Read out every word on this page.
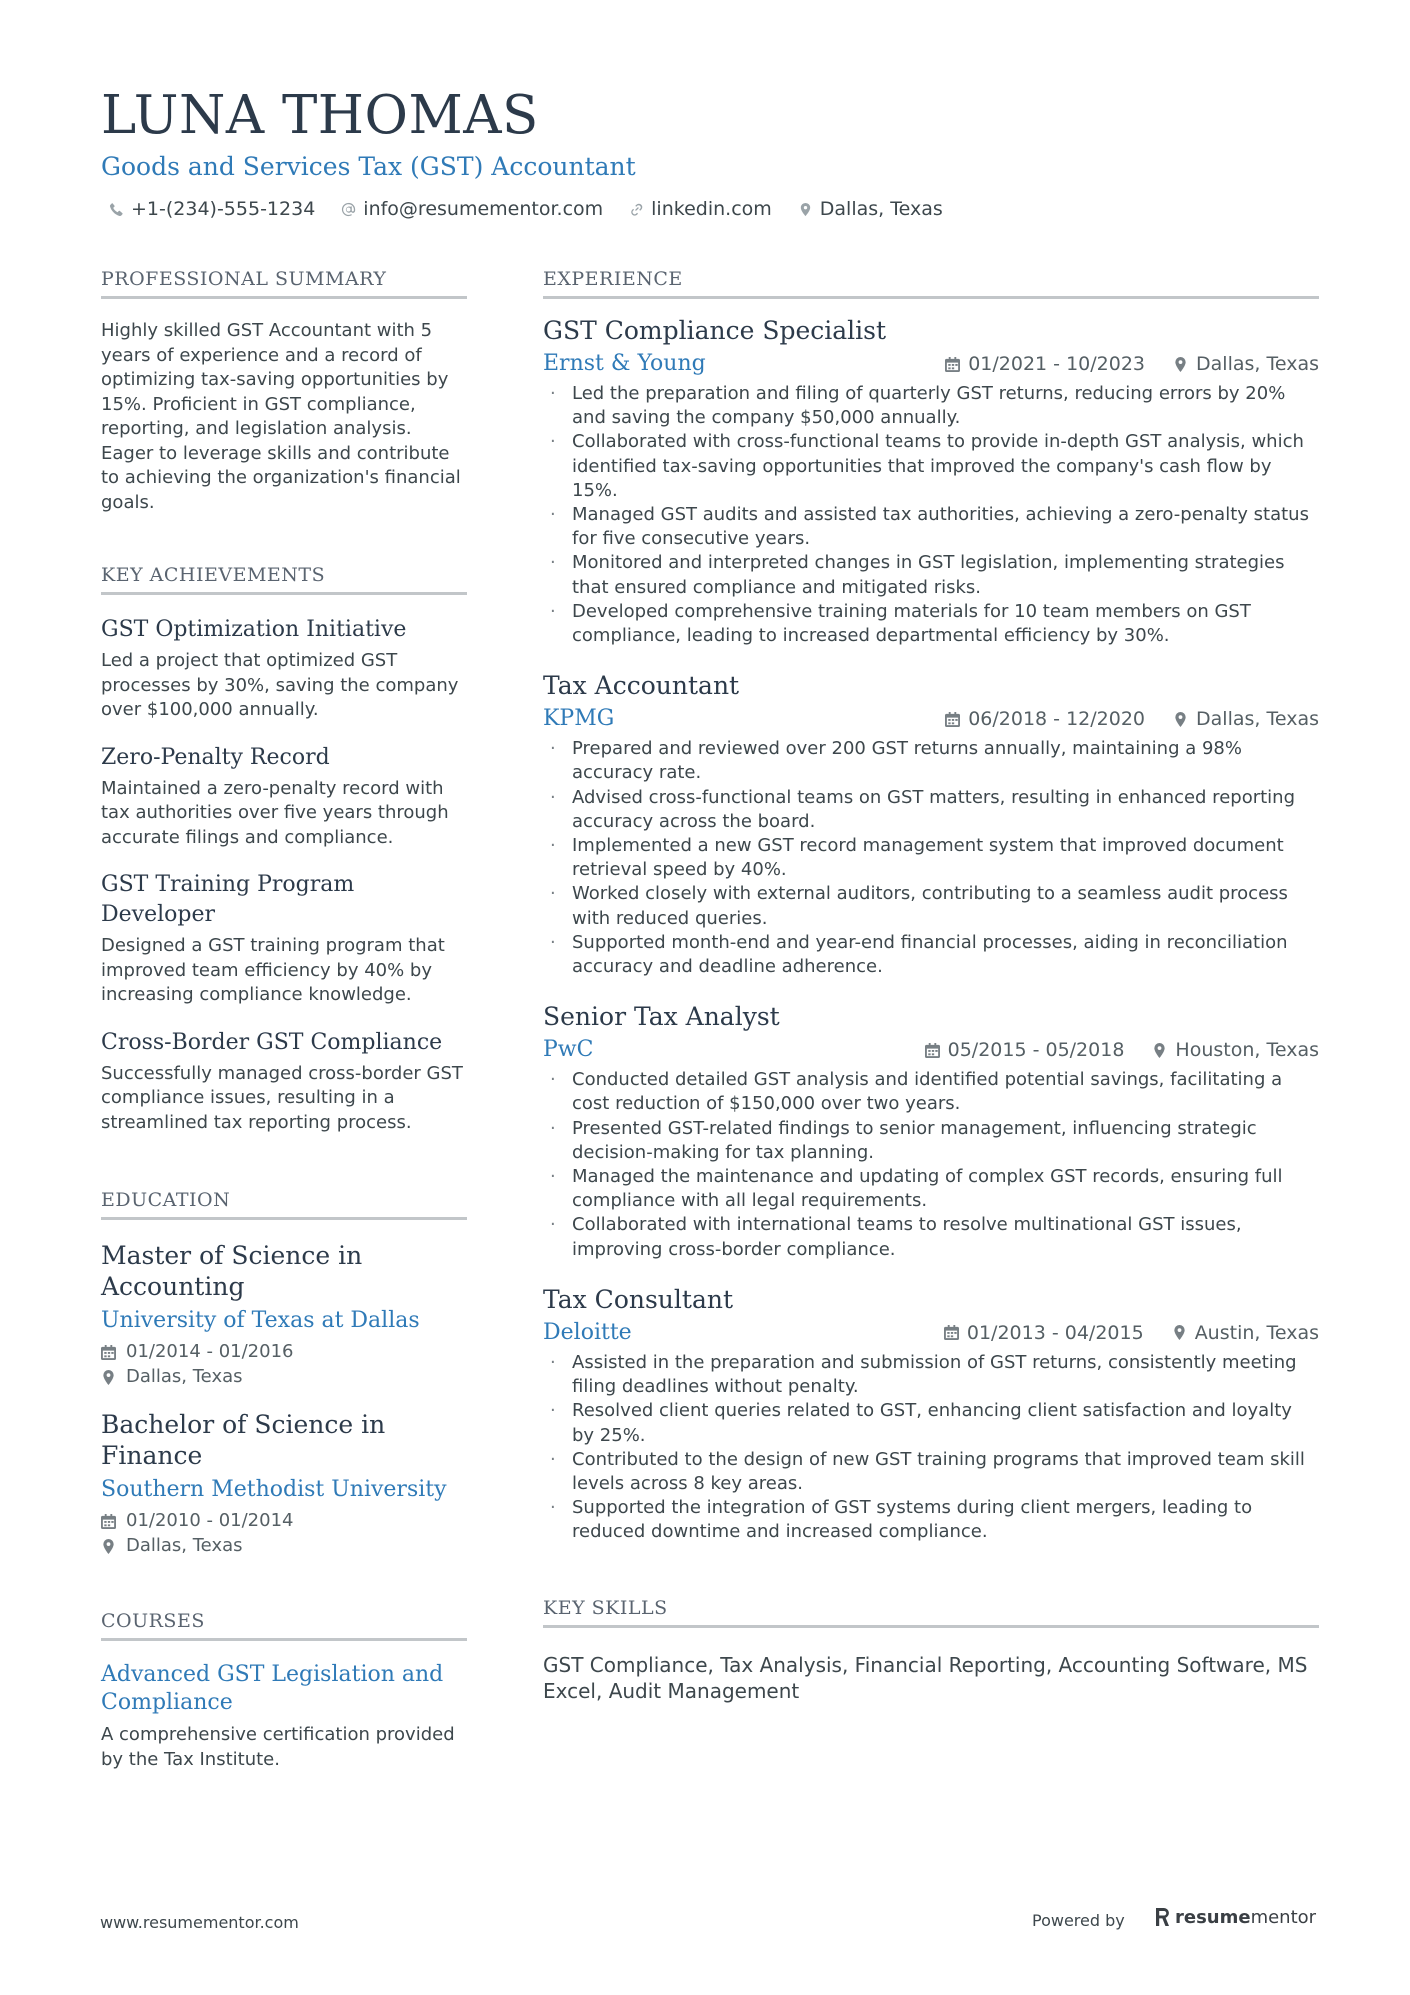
LUNA THOMAS
Goods and Services Tax (GST) Accountant
+1-(234)-555-1234	info@resumementor.com	linkedin.com	Dallas, Texas
PROFESSIONAL SUMMARY

Highly skilled GST Accountant with 5 years of experience and a record of optimizing tax-saving opportunities by 15%. Proficient in GST compliance, reporting, and legislation analysis. Eager to leverage skills and contribute to achieving the organization's financial goals.

KEY ACHIEVEMENTS
GST Optimization Initiative

Led a project that optimized GST processes by 30%, saving the company over $100,000 annually.

Zero-Penalty Record

Maintained a zero-penalty record with tax authorities over five years through accurate filings and compliance.

GST Training Program Developer

Designed a GST training program that improved team efficiency by 40% by increasing compliance knowledge.

Cross-Border GST Compliance

Successfully managed cross-border GST compliance issues, resulting in a streamlined tax reporting process.

EDUCATION
Master of Science in Accounting
University of Texas at Dallas
01/2014 - 01/2016
Dallas, Texas
Bachelor of Science in Finance
Southern Methodist University
01/2010 - 01/2014
Dallas, Texas
COURSES
Advanced GST Legislation and Compliance

A comprehensive certification provided by the Tax Institute.

EXPERIENCE
GST Compliance Specialist
Ernst & Young	01/2021 - 10/2023	Dallas, Texas
· Led the preparation and filing of quarterly GST returns, reducing errors by 20% and saving the company $50,000 annually.
· Collaborated with cross-functional teams to provide in-depth GST analysis, which identified tax-saving opportunities that improved the company's cash flow by 15%.
· Managed GST audits and assisted tax authorities, achieving a zero-penalty status for five consecutive years.
· Monitored and interpreted changes in GST legislation, implementing strategies that ensured compliance and mitigated risks.
· Developed comprehensive training materials for 10 team members on GST compliance, leading to increased departmental efficiency by 30%.
Tax Accountant
KPMG	06/2018 - 12/2020	Dallas, Texas
· Prepared and reviewed over 200 GST returns annually, maintaining a 98% accuracy rate.
· Advised cross-functional teams on GST matters, resulting in enhanced reporting accuracy across the board.
· Implemented a new GST record management system that improved document retrieval speed by 40%.
· Worked closely with external auditors, contributing to a seamless audit process with reduced queries.
· Supported month-end and year-end financial processes, aiding in reconciliation accuracy and deadline adherence.
Senior Tax Analyst
PwC	05/2015 - 05/2018	Houston, Texas
· Conducted detailed GST analysis and identified potential savings, facilitating a cost reduction of $150,000 over two years.
· Presented GST-related findings to senior management, influencing strategic decision-making for tax planning.
· Managed the maintenance and updating of complex GST records, ensuring full compliance with all legal requirements.
· Collaborated with international teams to resolve multinational GST issues, improving cross-border compliance.
Tax Consultant
Deloitte	01/2013 - 04/2015	Austin, Texas
· Assisted in the preparation and submission of GST returns, consistently meeting filing deadlines without penalty.
· Resolved client queries related to GST, enhancing client satisfaction and loyalty by 25%.
· Contributed to the design of new GST training programs that improved team skill levels across 8 key areas.
· Supported the integration of GST systems during client mergers, leading to reduced downtime and increased compliance.
KEY SKILLS

GST Compliance, Tax Analysis, Financial Reporting, Accounting Software, MS Excel, Audit Management

www.resumementor.com	Powered by	resume mentor
